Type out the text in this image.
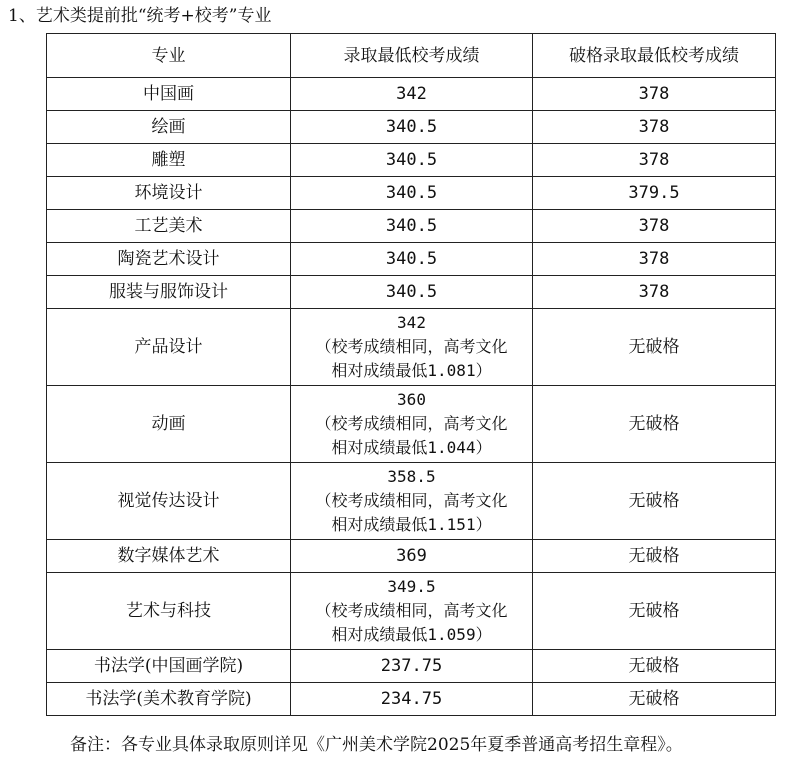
1、艺术类提前批“统考+校考”专业
专业	录取最低校考成绩	破格录取最低校考成绩
中国画	342	378
绘画	340.5	378
雕塑	340.5	378
环境设计	340.5	379.5
工艺美术	340.5	378
陶瓷艺术设计	340.5	378
服装与服饰设计	340.5	378
产品设计	342
（校考成绩相同，高考文化
相对成绩最低1.081）	无破格
动画	360
（校考成绩相同，高考文化
相对成绩最低1.044）	无破格
视觉传达设计	358.5
（校考成绩相同，高考文化
相对成绩最低1.151）	无破格
数字媒体艺术	369	无破格
艺术与科技	349.5
（校考成绩相同，高考文化
相对成绩最低1.059）	无破格
书法学(中国画学院)	237.75	无破格
书法学(美术教育学院)	234.75	无破格
备注：各专业具体录取原则详见《广州美术学院2025年夏季普通高考招生章程》。
